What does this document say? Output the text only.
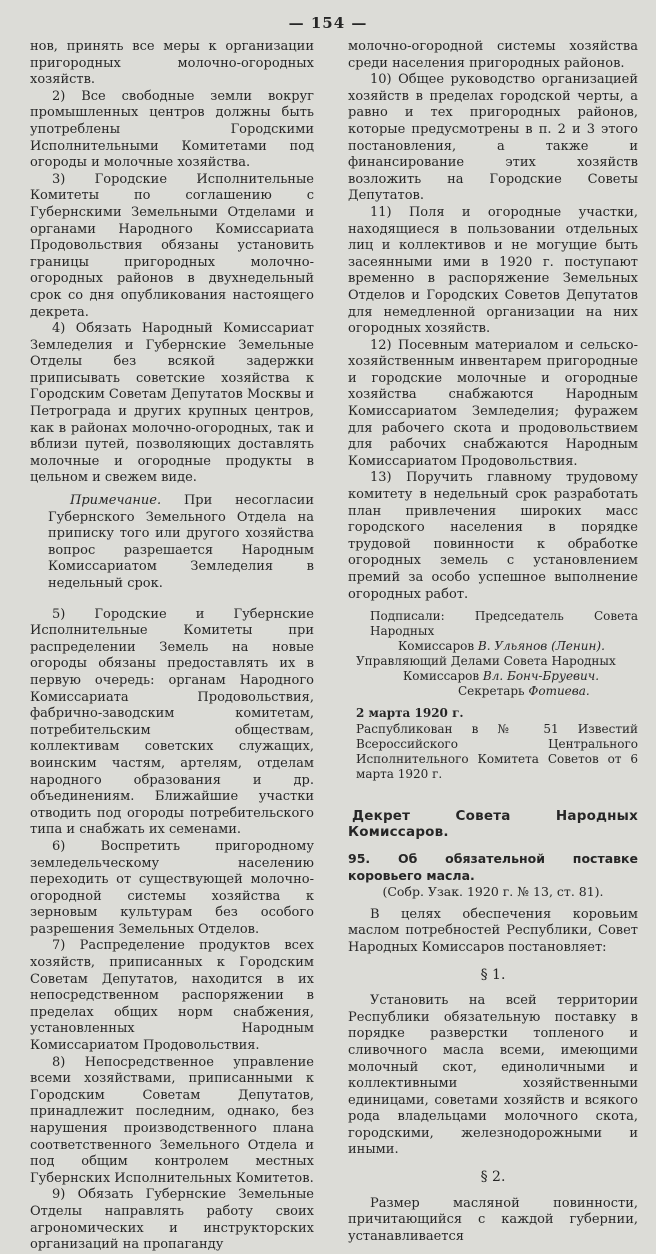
— 154 —

нов, принять все меры к организации пригородных молочно-огородных хозяйств.

2) Все свободные земли вокруг промышленных центров должны быть употреблены Городскими Исполнительными Комитетами под огороды и молочные хозяйства.

3) Городские Исполнительные Комитеты по соглашению с Губернскими Земельными Отделами и органами Народного Комиссариата Продовольствия обязаны установить границы пригородных молочно-огородных районов в двухнедельный срок со дня опубликования настоящего декрета.

4) Обязать Народный Комиссариат Земледелия и Губернские Земельные Отделы без всякой задержки приписывать советские хозяйства к Городским Советам Депутатов Москвы и Петрограда и других крупных центров, как в районах молочно-огородных, так и вблизи путей, позволяющих доставлять молочные и огородные продукты в цельном и свежем виде.

Примечание. При несогласии Губернского Земельного Отдела на приписку того или другого хозяйства вопрос разрешается Народным Комиссариатом Земледелия в недельный срок.

5) Городские и Губернские Исполнительные Комитеты при распределении Земель на новые огороды обязаны предоставлять их в первую очередь: органам Народного Комиссариата Продовольствия, фабрично-заводским комитетам, потребительским обществам, коллективам советских служащих, воинским частям, артелям, отделам народного образования и др. объединениям. Ближайшие участки отводить под огороды потребительского типа и снабжать их семенами.

6) Воспретить пригородному земледельческому населению переходить от существующей молочно-огородной системы хозяйства к зерновым культурам без особого разрешения Земельных Отделов.

7) Распределение продуктов всех хозяйств, приписанных к Городским Советам Депутатов, находится в их непосредственном распоряжении в пределах общих норм снабжения, установленных Народным Комиссариатом Продовольствия.

8) Непосредственное управление всеми хозяйствами, приписанными к Городским Советам Депутатов, принадлежит последним, однако, без нарушения производственного плана соответственного Земельного Отдела и под общим контролем местных Губернских Исполнительных Комитетов.

9) Обязать Губернские Земельные Отделы направлять работу своих агрономических и инструкторских организаций на пропаганду

молочно-огородной системы хозяйства среди населения пригородных районов.

10) Общее руководство организацией хозяйств в пределах городской черты, а равно и тех пригородных районов, которые предусмотрены в п. 2 и 3 этого постановления, а также и финансирование этих хозяйств возложить на Городские Советы Депутатов.

11) Поля и огородные участки, находящиеся в пользовании отдельных лиц и коллективов и не могущие быть засеянными ими в 1920 г. поступают временно в распоряжение Земельных Отделов и Городских Советов Депутатов для немедленной организации на них огородных хозяйств.

12) Посевным материалом и сельско-хозяйственным инвентарем пригородные и городские молочные и огородные хозяйства снабжаются Народным Комиссариатом Земледелия; фуражем для рабочего скота и продовольствием для рабочих снабжаются Народным Комиссариатом Продовольствия.

13) Поручить главному трудовому комитету в недельный срок разработать план привлечения широких масс городского населения в порядке трудовой повинности к обработке огородных земель с установлением премий за особо успешное выполнение огородных работ.

Подписали: Председатель Совета Народных

Комиссаров В. Ульянов (Ленин).

Управляющий Делами Совета Народных

Комиссаров Вл. Бонч-Бруевич.

Секретарь Фотиева.

2 марта 1920 г.

Распубликован в № 51 Известий Всероссийского Центрального Исполнительного Комитета Советов от 6 марта 1920 г.

Декрет Совета Народных Комиссаров.

95. Об обязательной поставке коровьего масла.

(Собр. Узак. 1920 г. № 13, ст. 81).

В целях обеспечения коровьим маслом потребностей Республики, Совет Народных Комиссаров постановляет:

§ 1.

Установить на всей территории Республики обязательную поставку в порядке разверстки топленого и сливочного масла всеми, имеющими молочный скот, единоличными и коллективными хозяйственными единицами, советами хозяйств и всякого рода владельцами молочного скота, городскими, железнодорожными и иными.

§ 2.

Размер масляной повинности, причитающийся с каждой губернии, устанавливается
